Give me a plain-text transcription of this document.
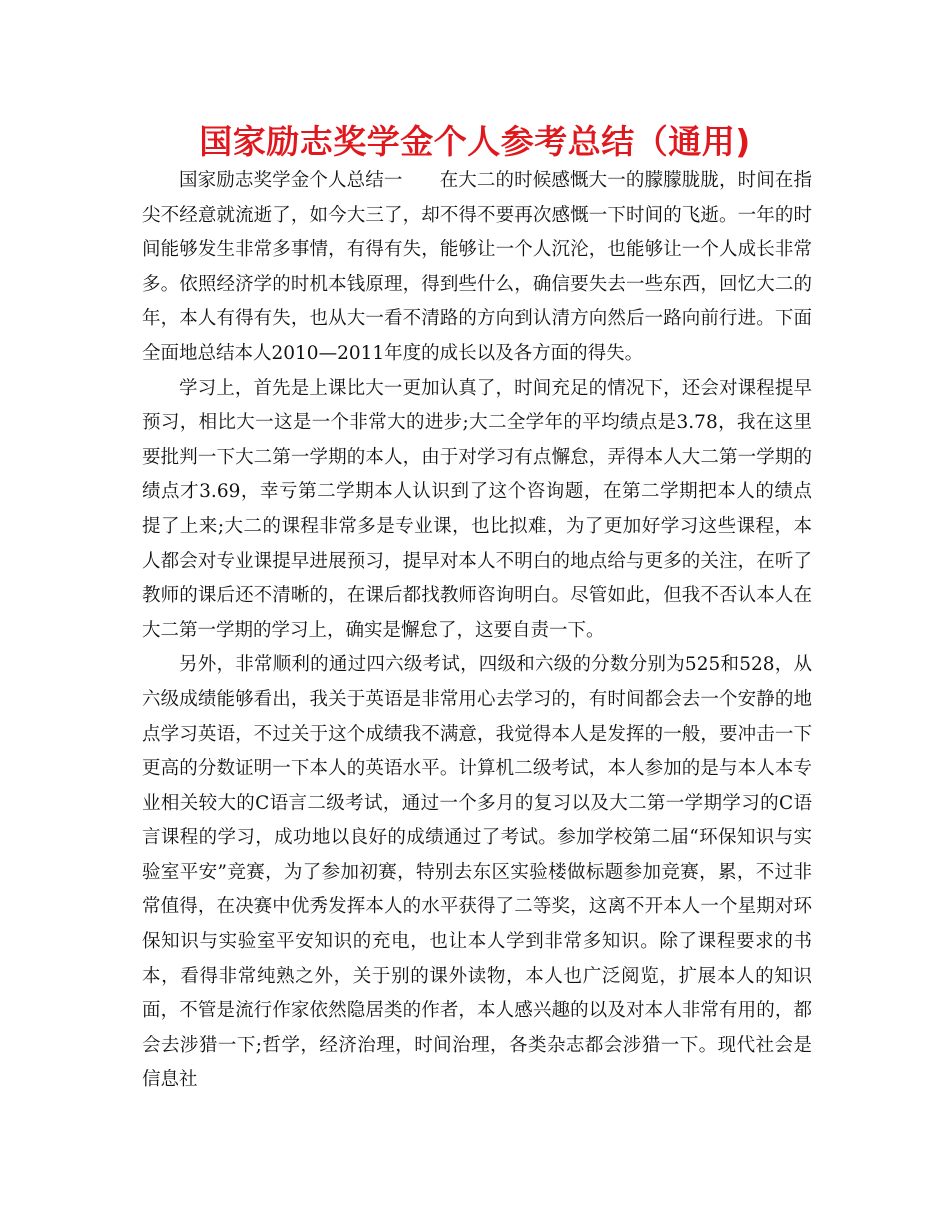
国家励志奖学金个人参考总结（通用)

国家励志奖学金个人总结一　　在大二的时候感慨大一的朦朦胧胧，时间在指尖不经意就流逝了，如今大三了，却不得不要再次感慨一下时间的飞逝。一年的时间能够发生非常多事情，有得有失，能够让一个人沉沦，也能够让一个人成长非常多。依照经济学的时机本钱原理，得到些什么，确信要失去一些东西，回忆大二的年，本人有得有失，也从大一看不清路的方向到认清方向然后一路向前行进。下面全面地总结本人2010—2011年度的成长以及各方面的得失。

学习上，首先是上课比大一更加认真了，时间充足的情况下，还会对课程提早预习，相比大一这是一个非常大的进步;大二全学年的平均绩点是3.78，我在这里要批判一下大二第一学期的本人，由于对学习有点懈怠，弄得本人大二第一学期的绩点才3.69，幸亏第二学期本人认识到了这个咨询题，在第二学期把本人的绩点提了上来;大二的课程非常多是专业课，也比拟难，为了更加好学习这些课程，本人都会对专业课提早进展预习，提早对本人不明白的地点给与更多的关注，在听了教师的课后还不清晰的，在课后都找教师咨询明白。尽管如此，但我不否认本人在大二第一学期的学习上，确实是懈怠了，这要自责一下。

另外，非常顺利的通过四六级考试，四级和六级的分数分别为525和528，从六级成绩能够看出，我关于英语是非常用心去学习的，有时间都会去一个安静的地点学习英语，不过关于这个成绩我不满意，我觉得本人是发挥的一般，要冲击一下更高的分数证明一下本人的英语水平。计算机二级考试，本人参加的是与本人本专业相关较大的C语言二级考试，通过一个多月的复习以及大二第一学期学习的C语言课程的学习，成功地以良好的成绩通过了考试。参加学校第二届“环保知识与实验室平安”竞赛，为了参加初赛，特别去东区实验楼做标题参加竞赛，累，不过非常值得，在决赛中优秀发挥本人的水平获得了二等奖，这离不开本人一个星期对环保知识与实验室平安知识的充电，也让本人学到非常多知识。除了课程要求的书本，看得非常纯熟之外，关于别的课外读物，本人也广泛阅览，扩展本人的知识面，不管是流行作家依然隐居类的作者，本人感兴趣的以及对本人非常有用的，都会去涉猎一下;哲学，经济治理，时间治理，各类杂志都会涉猎一下。现代社会是信息社
